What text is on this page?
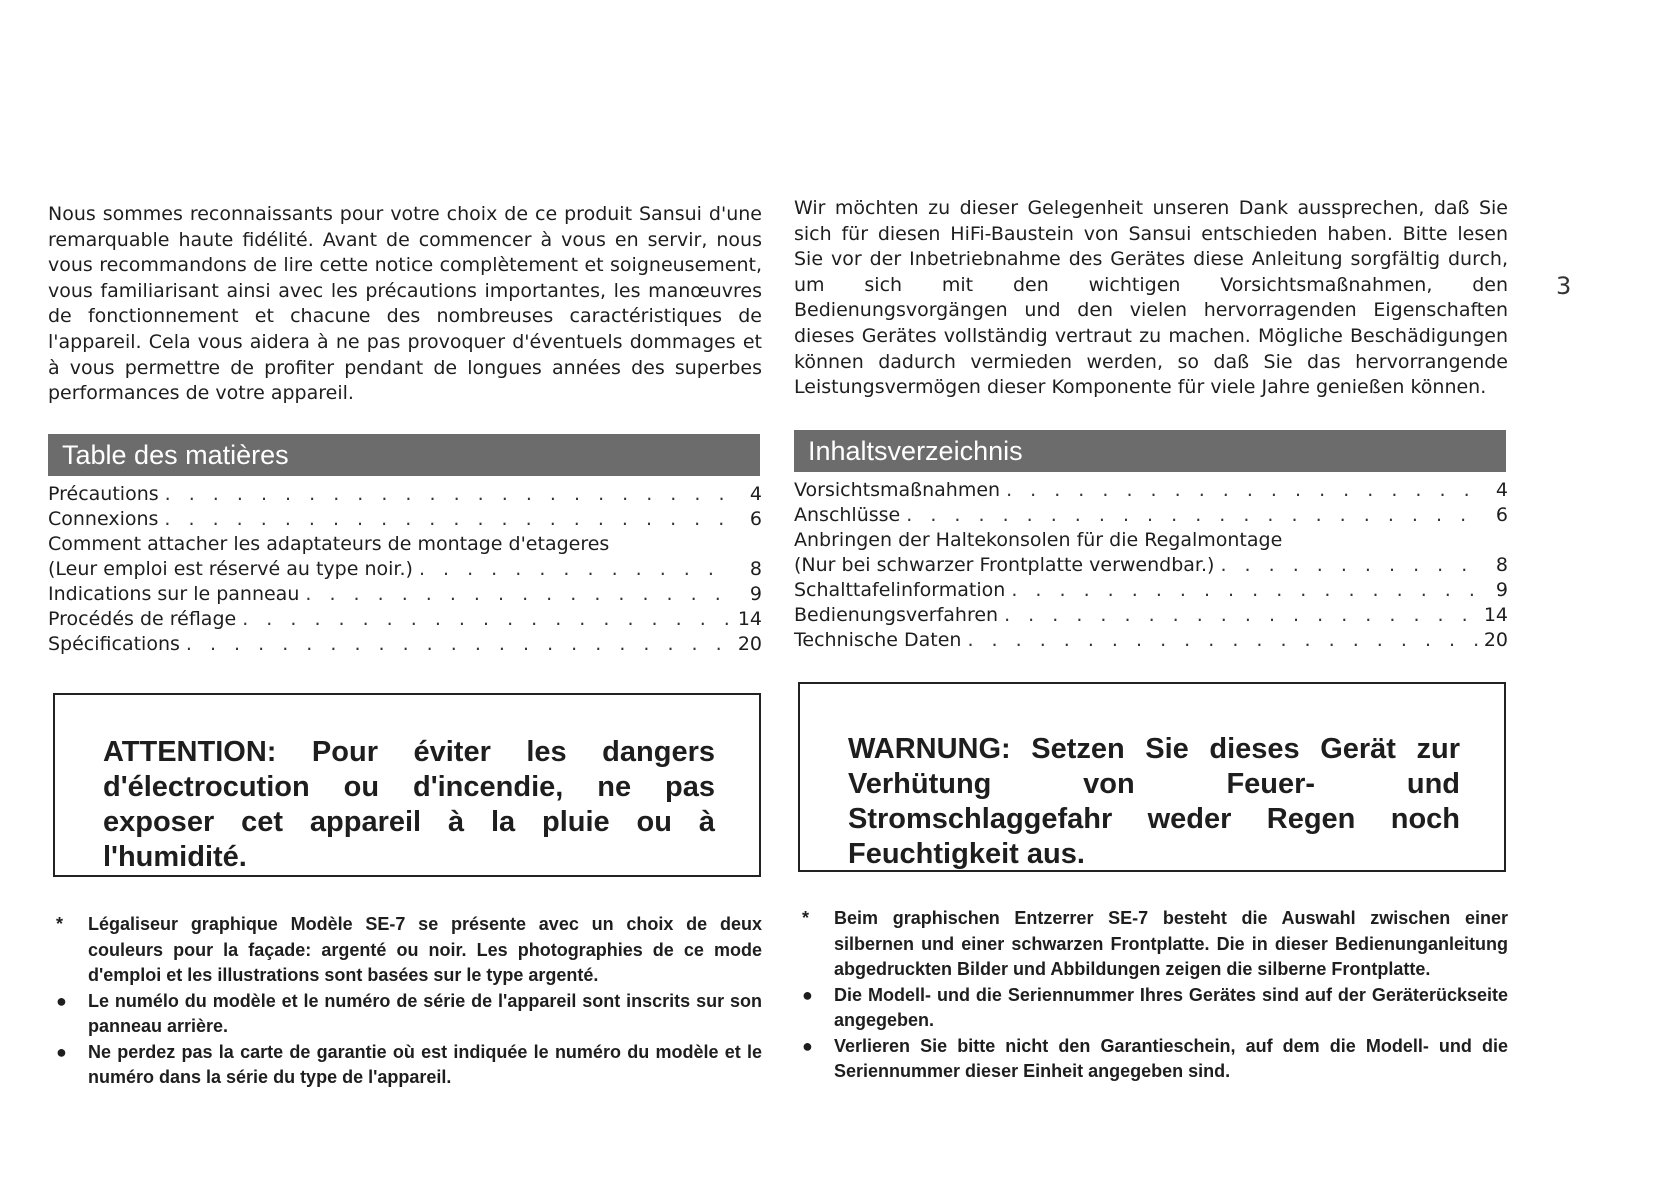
3

Nous sommes reconnaissants pour votre choix de ce produit Sansui d'une remarquable haute fidélité. Avant de commencer à vous en servir, nous vous recommandons de lire cette notice complètement et soigneusement, vous familiarisant ainsi avec les précautions importantes, les manœuvres de fonctionnement et chacune des nombreuses caractéristiques de l'appareil. Cela vous aidera à ne pas provoquer d'éventuels dommages et à vous permettre de profiter pendant de longues années des superbes performances de votre appareil.

Table des matières
Précautions . . .	4
Connexions . . .	6
Comment attacher les adaptateurs de montage d'etageres
(Leur emploi est réservé au type noir.) . . .	8
Indications sur le panneau . . .	9
Procédés de réflage . . .	14
Spécifications . . .	20
ATTENTION: Pour éviter les dangers d'électrocution ou d'incendie, ne pas exposer cet appareil à la pluie ou à l'humidité.
* Légaliseur graphique Modèle SE-7 se présente avec un choix de deux couleurs pour la façade: argenté ou noir. Les photographies de ce mode d'emploi et les illustrations sont basées sur le type argenté.
● Le numélo du modèle et le numéro de série de l'appareil sont inscrits sur son panneau arrière.
● Ne perdez pas la carte de garantie où est indiquée le numéro du modèle et le numéro dans la série du type de l'appareil.

Wir möchten zu dieser Gelegenheit unseren Dank aussprechen, daß Sie sich für diesen HiFi-Baustein von Sansui entschieden haben. Bitte lesen Sie vor der Inbetriebnahme des Gerätes diese Anleitung sorgfältig durch, um sich mit den wichtigen Vorsichtsmaßnahmen, den Bedienungsvorgängen und den vielen hervorragenden Eigenschaften dieses Gerätes vollständig vertraut zu machen. Mögliche Beschädigungen können dadurch vermieden werden, so daß Sie das hervorrangende Leistungsvermögen dieser Komponente für viele Jahre genießen können.

Inhaltsverzeichnis
Vorsichtsmaßnahmen . . .	4
Anschlüsse . . .	6
Anbringen der Haltekonsolen für die Regalmontage
(Nur bei schwarzer Frontplatte verwendbar.) . . .	8
Schalttafelinformation . . .	9
Bedienungsverfahren . . .	14
Technische Daten . . .	20
WARNUNG: Setzen Sie dieses Gerät zur Verhütung von Feuer- und Stromschlaggefahr weder Regen noch Feuchtigkeit aus.
* Beim graphischen Entzerrer SE-7 besteht die Auswahl zwischen einer silbernen und einer schwarzen Frontplatte. Die in dieser Bedienunganleitung abgedruckten Bilder und Abbildungen zeigen die silberne Frontplatte.
● Die Modell- und die Seriennummer Ihres Gerätes sind auf der Geräterückseite angegeben.
● Verlieren Sie bitte nicht den Garantieschein, auf dem die Modell- und die Seriennummer dieser Einheit angegeben sind.
